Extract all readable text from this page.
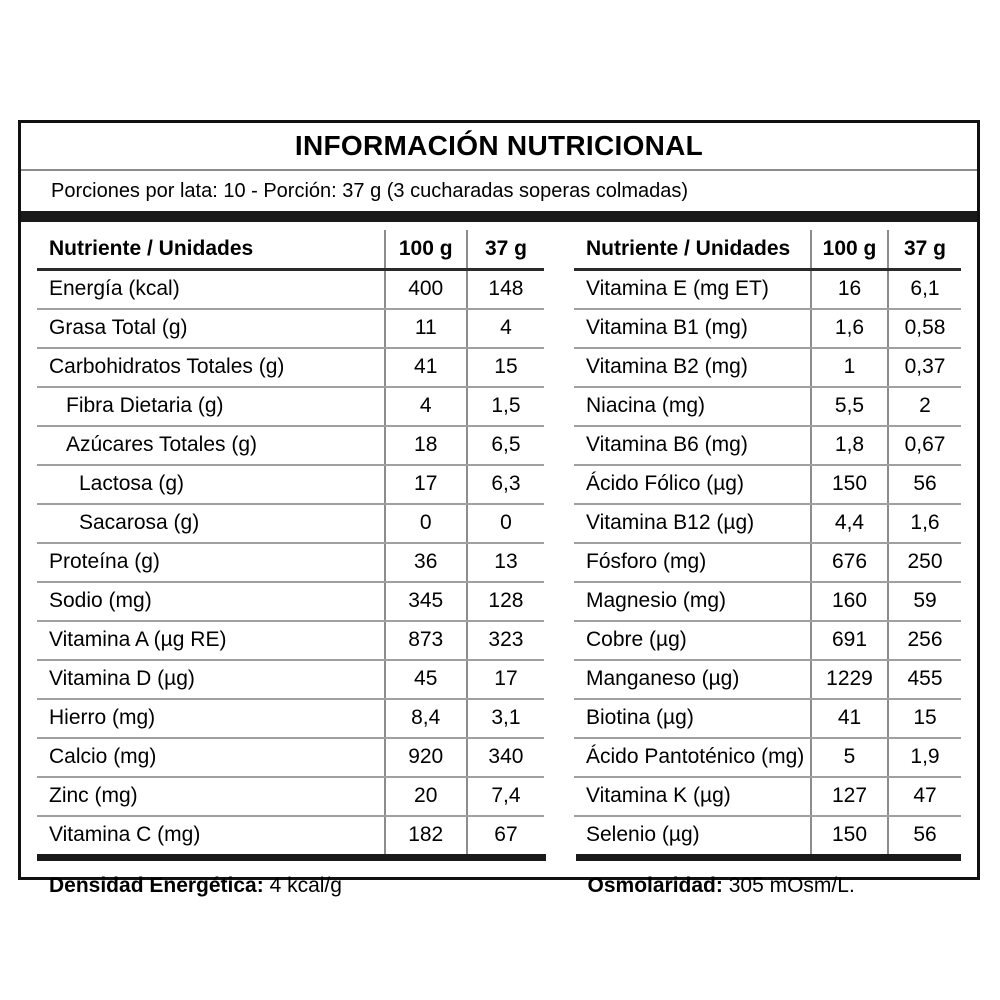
INFORMACIÓN NUTRICIONAL
Porciones por lata: 10 - Porción: 37 g (3 cucharadas soperas colmadas)
Nutriente / Unidades	100 g	37 g
Energía (kcal)	400	148
Grasa Total (g)	11	4
Carbohidratos Totales (g)	41	15
Fibra Dietaria (g)	4	1,5
Azúcares Totales (g)	18	6,5
Lactosa (g)	17	6,3
Sacarosa (g)	0	0
Proteína (g)	36	13
Sodio (mg)	345	128
Vitamina A (µg RE)	873	323
Vitamina D (µg)	45	17
Hierro (mg)	8,4	3,1
Calcio (mg)	920	340
Zinc (mg)	20	7,4
Vitamina C (mg)	182	67
Nutriente / Unidades	100 g	37 g
Vitamina E (mg ET)	16	6,1
Vitamina B1 (mg)	1,6	0,58
Vitamina B2 (mg)	1	0,37
Niacina (mg)	5,5	2
Vitamina B6 (mg)	1,8	0,67
Ácido Fólico (µg)	150	56
Vitamina B12 (µg)	4,4	1,6
Fósforo (mg)	676	250
Magnesio (mg)	160	59
Cobre (µg)	691	256
Manganeso (µg)	1229	455
Biotina (µg)	41	15
Ácido Pantoténico (mg)	5	1,9
Vitamina K (µg)	127	47
Selenio (µg)	150	56
Densidad Energética: 4 kcal/g	Osmolaridad: 305 mOsm/L.
